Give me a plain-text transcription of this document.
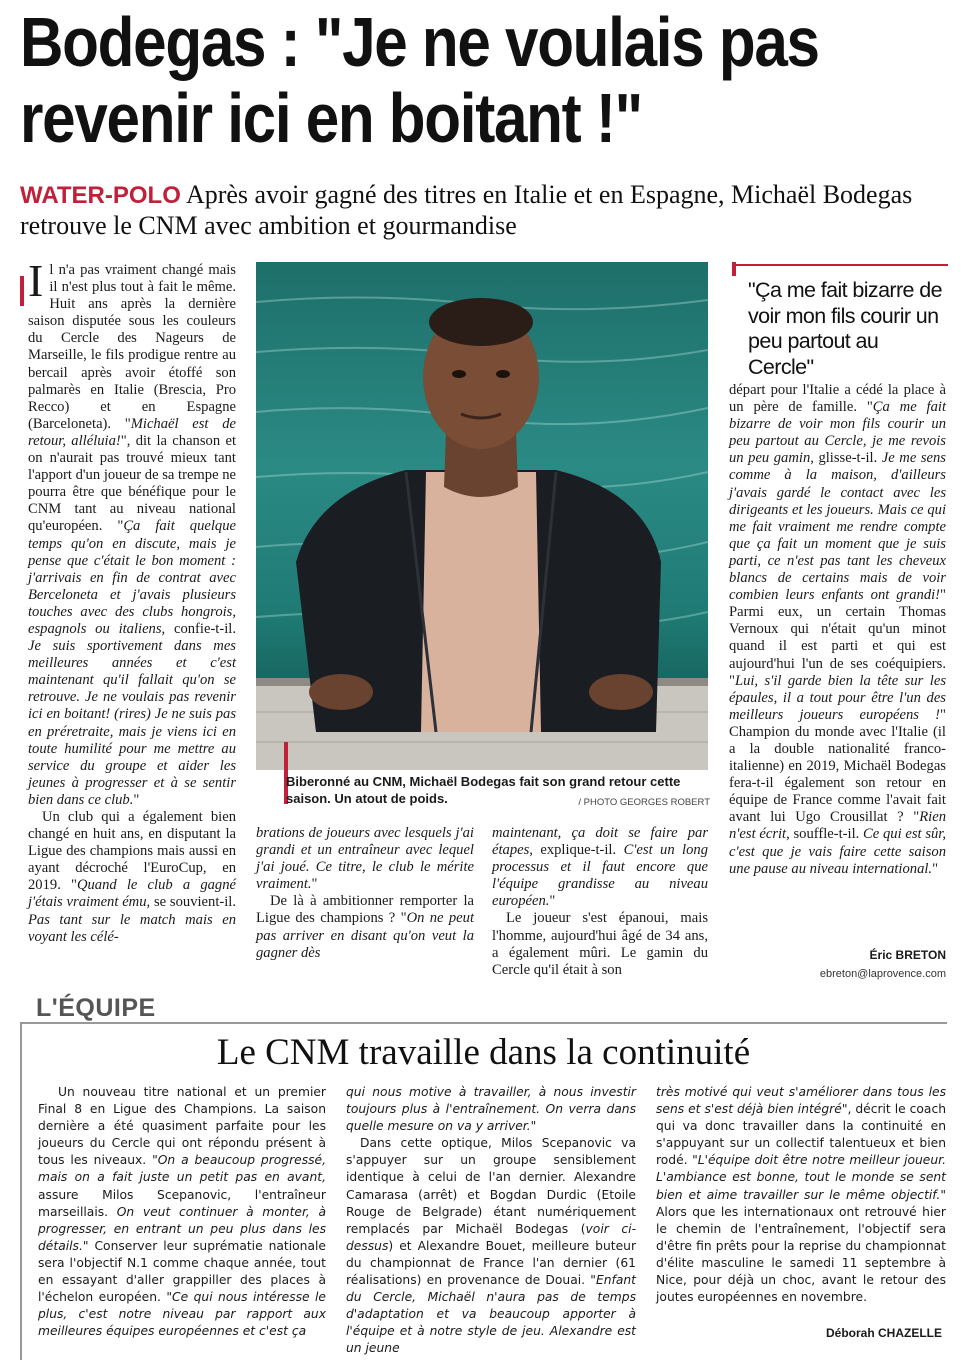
Bodegas : "Je ne voulais pas
revenir ici en boitant !"
WATER-POLO Après avoir gagné des titres en Italie et en Espagne, Michaël Bodegas retrouve le CNM avec ambition et gourmandise

Il n'a pas vraiment changé mais il n'est plus tout à fait le même. Huit ans après la dernière saison disputée sous les couleurs du Cercle des Nageurs de Marseille, le fils prodigue rentre au bercail après avoir étoffé son palmarès en Italie (Brescia, Pro Recco) et en Espagne (Barceloneta). "Michaël est de retour, alléluia!", dit la chanson et on n'aurait pas trouvé mieux tant l'apport d'un joueur de sa trempe ne pourra être que bénéfique pour le CNM tant au niveau national qu'européen. "Ça fait quelque temps qu'on en discute, mais je pense que c'était le bon moment : j'arrivais en fin de contrat avec Berceloneta et j'avais plusieurs touches avec des clubs hongrois, espagnols ou italiens, confie-t-il. Je suis sportivement dans mes meilleures années et c'est maintenant qu'il fallait qu'on se retrouve. Je ne voulais pas revenir ici en boitant! (rires) Je ne suis pas en préretraite, mais je viens ici en toute humilité pour me mettre au service du groupe et aider les jeunes à progresser et à se sentir bien dans ce club."

Un club qui a également bien changé en huit ans, en disputant la Ligue des champions mais aussi en ayant décroché l'EuroCup, en 2019. "Quand le club a gagné j'étais vraiment ému, se souvient-il. Pas tant sur le match mais en voyant les célé-

Biberonné au CNM, Michaël Bodegas fait son grand retour cette saison. Un atout de poids.	/ PHOTO GEORGES ROBERT

brations de joueurs avec lesquels j'ai grandi et un entraîneur avec lequel j'ai joué. Ce titre, le club le mérite vraiment."

De là à ambitionner remporter la Ligue des champions ? "On ne peut pas arriver en disant qu'on veut la gagner dès

maintenant, ça doit se faire par étapes, explique-t-il. C'est un long processus et il faut encore que l'équipe grandisse au niveau européen."

Le joueur s'est épanoui, mais l'homme, aujourd'hui âgé de 34 ans, a également mûri. Le gamin du Cercle qu'il était à son

"Ça me fait bizarre de voir mon fils courir un peu partout au Cercle"

départ pour l'Italie a cédé la place à un père de famille. "Ça me fait bizarre de voir mon fils courir un peu partout au Cercle, je me revois un peu gamin, glisse-t-il. Je me sens comme à la maison, d'ailleurs j'avais gardé le contact avec les dirigeants et les joueurs. Mais ce qui me fait vraiment me rendre compte que ça fait un moment que je suis parti, ce n'est pas tant les cheveux blancs de certains mais de voir combien leurs enfants ont grandi!" Parmi eux, un certain Thomas Vernoux qui n'était qu'un minot quand il est parti et qui est aujourd'hui l'un de ses coéquipiers. "Lui, s'il garde bien la tête sur les épaules, il a tout pour être l'un des meilleurs joueurs européens !" Champion du monde avec l'Italie (il a la double nationalité franco-italienne) en 2019, Michaël Bodegas fera-t-il également son retour en équipe de France comme l'avait fait avant lui Ugo Crousillat ? "Rien n'est écrit, souffle-t-il. Ce qui est sûr, c'est que je vais faire cette saison une pause au niveau international."

Éric BRETON
ebreton@laprovence.com
L'ÉQUIPE
Le CNM travaille dans la continuité

Un nouveau titre national et un premier Final 8 en Ligue des Champions. La saison dernière a été quasiment parfaite pour les joueurs du Cercle qui ont répondu présent à tous les niveaux. "On a beaucoup progressé, mais on a fait juste un petit pas en avant, assure Milos Scepanovic, l'entraîneur marseillais. On veut continuer à monter, à progresser, en entrant un peu plus dans les détails." Conserver leur suprématie nationale sera l'objectif N.1 comme chaque année, tout en essayant d'aller grappiller des places à l'échelon européen. "Ce qui nous intéresse le plus, c'est notre niveau par rapport aux meilleures équipes européennes et c'est ça

qui nous motive à travailler, à nous investir toujours plus à l'entraînement. On verra dans quelle mesure on va y arriver."

Dans cette optique, Milos Scepanovic va s'appuyer sur un groupe sensiblement identique à celui de l'an dernier. Alexandre Camarasa (arrêt) et Bogdan Durdic (Etoile Rouge de Belgrade) étant numériquement remplacés par Michaël Bodegas (voir ci-dessus) et Alexandre Bouet, meilleure buteur du championnat de France l'an dernier (61 réalisations) en provenance de Douai. "Enfant du Cercle, Michaël n'aura pas de temps d'adaptation et va beaucoup apporter à l'équipe et à notre style de jeu. Alexandre est un jeune

très motivé qui veut s'améliorer dans tous les sens et s'est déjà bien intégré", décrit le coach qui va donc travailler dans la continuité en s'appuyant sur un collectif talentueux et bien rodé. "L'équipe doit être notre meilleur joueur. L'ambiance est bonne, tout le monde se sent bien et aime travailler sur le même objectif." Alors que les internationaux ont retrouvé hier le chemin de l'entraînement, l'objectif sera d'être fin prêts pour la reprise du championnat d'élite masculine le samedi 11 septembre à Nice, pour déjà un choc, avant le retour des joutes européennes en novembre.

Déborah CHAZELLE
